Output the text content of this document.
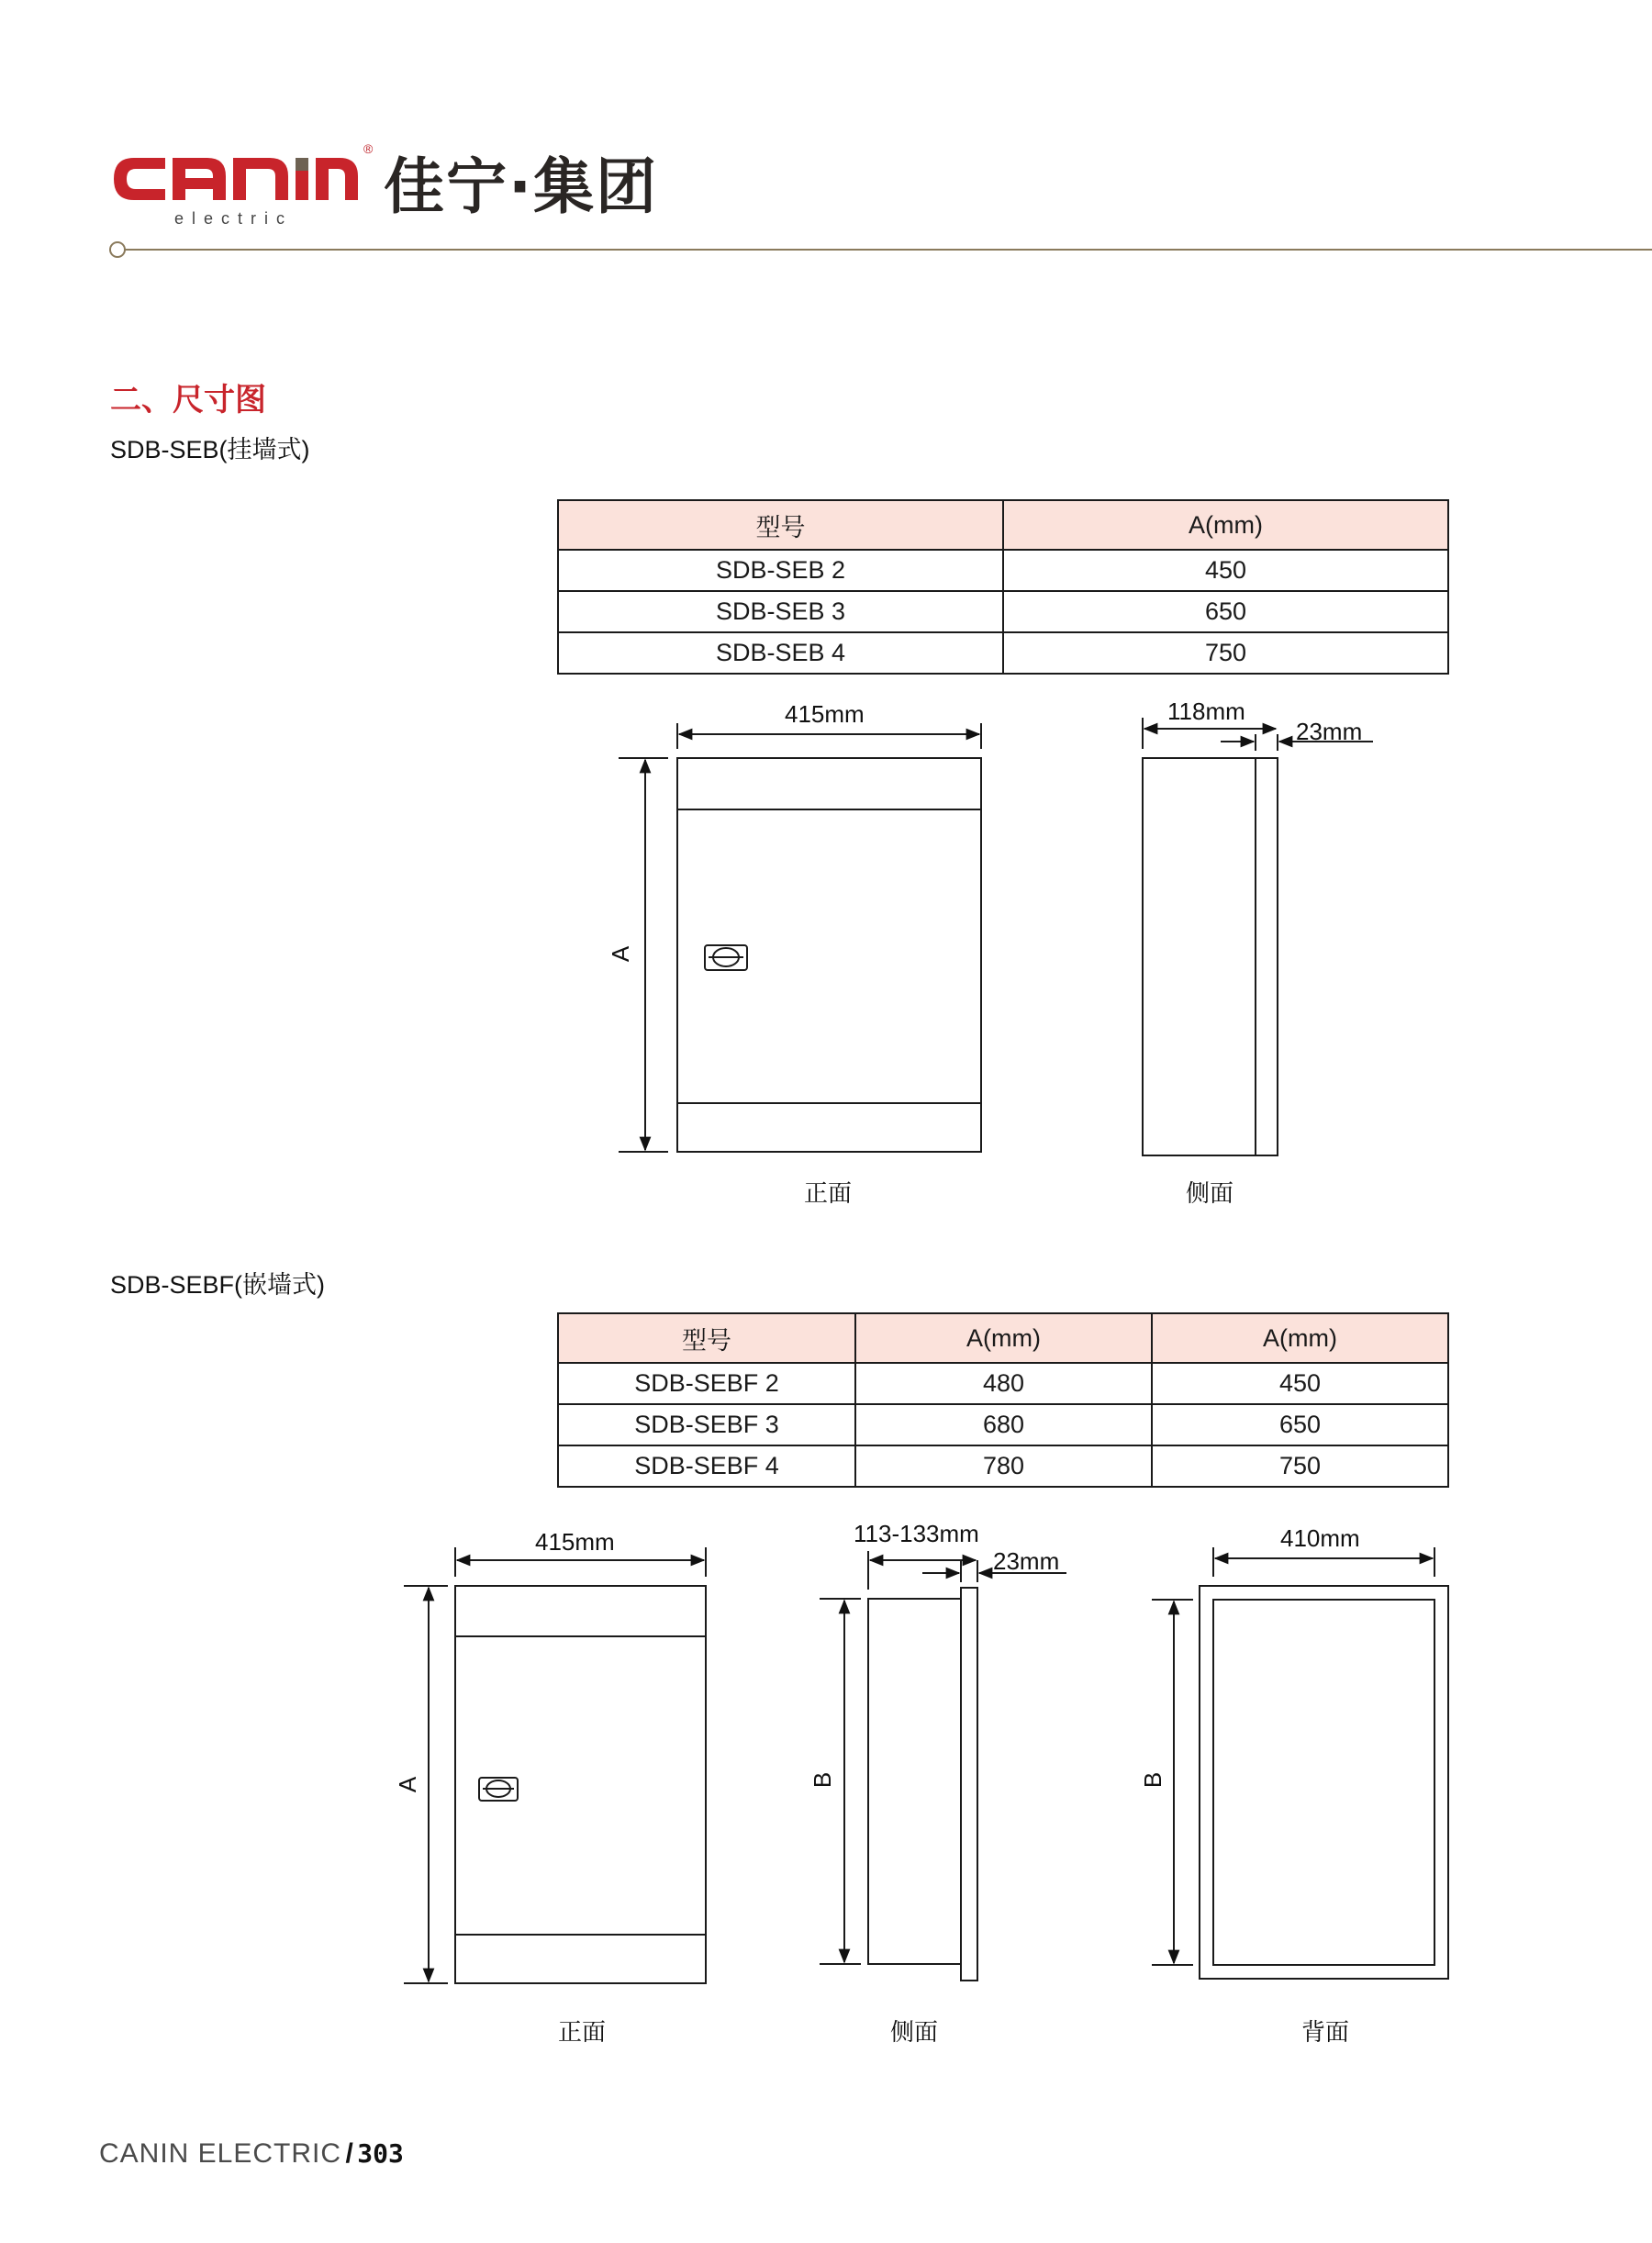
electric
®
佳宁·集团
二、尺寸图
SDB-SEB(挂墙式)
型号	A(mm)
SDB-SEB 2	450
SDB-SEB 3	650
SDB-SEB 4	750
415mm
A
正面
118mm
23mm
侧面
SDB-SEBF(嵌墙式)
型号	A(mm)	A(mm)
SDB-SEBF 2	480	450
SDB-SEBF 3	680	650
SDB-SEBF 4	780	750
415mm
A
正面
113-133mm
23mm
B
侧面
410mm
B
背面
CANIN ELECTRIC / 303
